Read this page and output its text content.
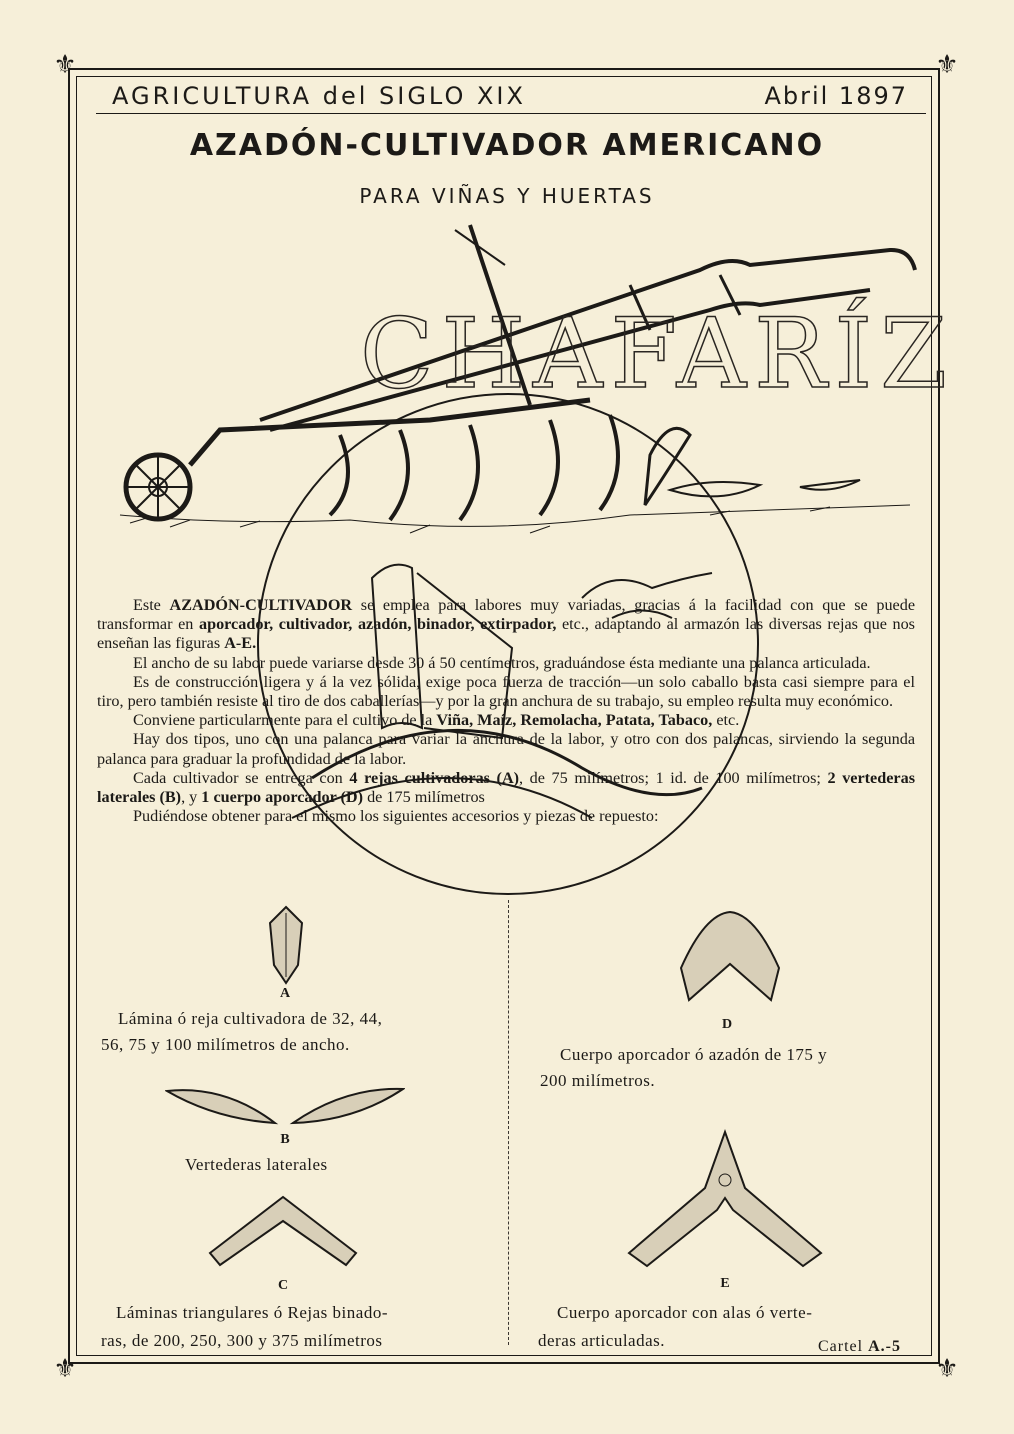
⚜	⚜
⚜	⚜
AGRICULTURA del SIGLO XIX	Abril 1897
AZADÓN-CULTIVADOR AMERICANO
PARA VIÑAS Y HUERTAS
CHAFARÍZ

Este AZADÓN-CULTIVADOR se emplea para labores muy variadas, gracias á la facilidad con que se puede transformar en aporcador, cultivador, azadón, binador, extirpador, etc., adaptando al armazón las diversas rejas que nos enseñan las figuras A-E.

El ancho de su labor puede variarse desde 30 á 50 centímetros, graduándose ésta mediante una palanca articulada.

Es de construcción ligera y á la vez sólida, exige poca fuerza de tracción—un solo caballo basta casi siempre para el tiro, pero también resiste al tiro de dos caballerías—y por la gran anchura de su trabajo, su empleo resulta muy económico.

Conviene particularmente para el cultivo de la Viña, Maíz, Remolacha, Patata, Tabaco, etc.

Hay dos tipos, uno con una palanca para variar la anchura de la labor, y otro con dos palancas, sirviendo la segunda palanca para graduar la profundidad de la labor.

Cada cultivador se entrega con 4 rejas cultivadoras (A), de 75 milímetros; 1 id. de 100 milímetros; 2 vertederas laterales (B), y 1 cuerpo aporcador (D) de 175 milímetros

Pudiéndose obtener para el mismo los siguientes accesorios y piezas de repuesto:

A
Lámina ó reja cultivadora de 32, 44,
56, 75 y 100 milímetros de ancho.
B
Vertederas laterales
C
Láminas triangulares ó Rejas binado-
ras, de 200, 250, 300 y 375 milímetros
D
Cuerpo aporcador ó azadón de 175 y
200 milímetros.
E
Cuerpo aporcador con alas ó verte-
deras articuladas.	Cartel A.-5
